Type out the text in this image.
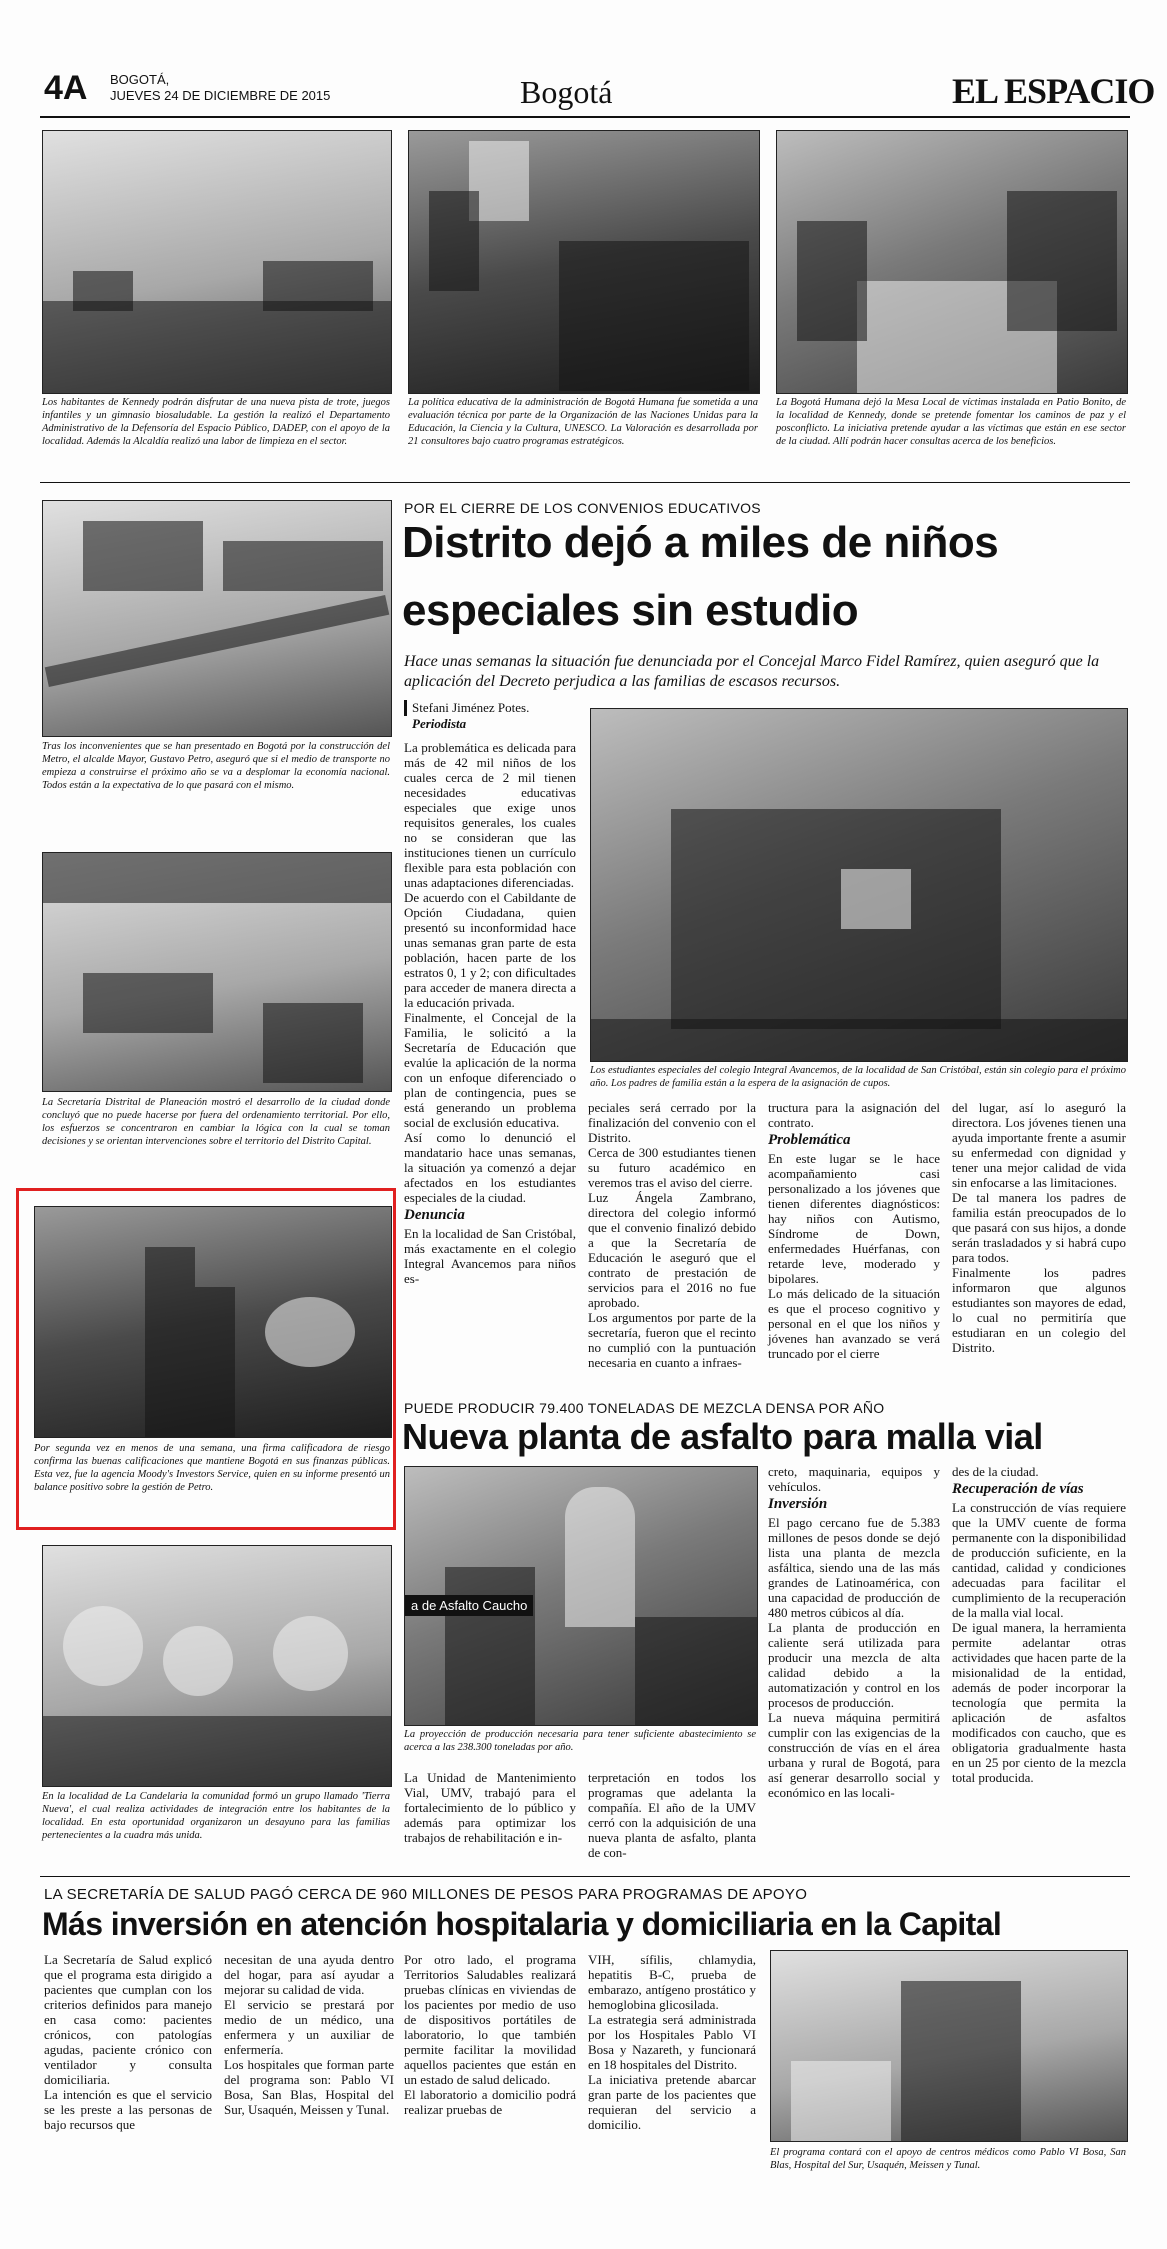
4A BOGOTÁ,
JUEVES 24 DE DICIEMBRE DE 2015	Bogotá	EL ESPACIO
Los habitantes de Kennedy podrán disfrutar de una nueva pista de trote, juegos infantiles y un gimnasio biosaludable. La gestión la realizó el Departamento Administrativo de la Defensoría del Espacio Público, DADEP, con el apoyo de la localidad. Además la Alcaldía realizó una labor de limpieza en el sector.
La política educativa de la administración de Bogotá Humana fue sometida a una evaluación técnica por parte de la Organización de las Naciones Unidas para la Educación, la Ciencia y la Cultura, UNESCO. La Valoración es desarrollada por 21 consultores bajo cuatro programas estratégicos.
La Bogotá Humana dejó la Mesa Local de víctimas instalada en Patio Bonito, de la localidad de Kennedy, donde se pretende fomentar los caminos de paz y el posconflicto. La iniciativa pretende ayudar a las víctimas que están en ese sector de la ciudad. Allí podrán hacer consultas acerca de los beneficios.
Tras los inconvenientes que se han presentado en Bogotá por la construcción del Metro, el alcalde Mayor, Gustavo Petro, aseguró que si el medio de transporte no empieza a construirse el próximo año se va a desplomar la economía nacional. Todos están a la expectativa de lo que pasará con el mismo.
La Secretaría Distrital de Planeación mostró el desarrollo de la ciudad donde concluyó que no puede hacerse por fuera del ordenamiento territorial. Por ello, los esfuerzos se concentraron en cambiar la lógica con la cual se toman decisiones y se orientan intervenciones sobre el territorio del Distrito Capital.
Por segunda vez en menos de una semana, una firma calificadora de riesgo confirma las buenas calificaciones que mantiene Bogotá en sus finanzas públicas. Esta vez, fue la agencia Moody's Investors Service, quien en su informe presentó un balance positivo sobre la gestión de Petro.
En la localidad de La Candelaria la comunidad formó un grupo llamado 'Tierra Nueva', el cual realiza actividades de integración entre los habitantes de la localidad. En esta oportunidad organizaron un desayuno para las familias pertenecientes a la cuadra más unida.
POR EL CIERRE DE LOS CONVENIOS EDUCATIVOS
Distrito dejó a miles de niños
especiales sin estudio
Hace unas semanas la situación fue denunciada por el Concejal Marco Fidel Ramírez, quien aseguró que la aplicación del Decreto perjudica a las familias de escasos recursos.
Stefani Jiménez Potes.
Periodista

La problemática es delicada para más de 42 mil niños de los cuales cerca de 2 mil tienen necesidades educativas especiales que exige unos requisitos generales, los cuales no se consideran que las instituciones tienen un currículo flexible para esta población con unas adaptaciones diferenciadas.

De acuerdo con el Cabildante de Opción Ciudadana, quien presentó su inconformidad hace unas semanas gran parte de esta población, hacen parte de los estratos 0, 1 y 2; con dificultades para acceder de manera directa a la educación privada.

Finalmente, el Concejal de la Familia, le solicitó a la Secretaría de Educación que evalúe la aplicación de la norma con un enfoque diferenciado o plan de contingencia, pues se está generando un problema social de exclusión educativa.

Así como lo denunció el mandatario hace unas semanas, la situación ya comenzó a dejar afectados en los estudiantes especiales de la ciudad.

Denuncia

En la localidad de San Cristóbal, más exactamente en el colegio Integral Avancemos para niños es-

Los estudiantes especiales del colegio Integral Avancemos, de la localidad de San Cristóbal, están sin colegio para el próximo año. Los padres de familia están a la espera de la asignación de cupos.

peciales será cerrado por la finalización del convenio con el Distrito.

Cerca de 300 estudiantes tienen su futuro académico en veremos tras el aviso del cierre.

Luz Ángela Zambrano, directora del colegio informó que el convenio finalizó debido a que la Secretaría de Educación le aseguró que el contrato de prestación de servicios para el 2016 no fue aprobado.

Los argumentos por parte de la secretaría, fueron que el recinto no cumplió con la puntuación necesaria en cuanto a infraes-

tructura para la asignación del contrato.

Problemática

En este lugar se le hace acompañamiento casi personalizado a los jóvenes que tienen diferentes diagnósticos: hay niños con Autismo, Síndrome de Down, enfermedades Huérfanas, con retarde leve, moderado y bipolares.

Lo más delicado de la situación es que el proceso cognitivo y personal en el que los niños y jóvenes han avanzado se verá truncado por el cierre

del lugar, así lo aseguró la directora. Los jóvenes tienen una ayuda importante frente a asumir su enfermedad con dignidad y tener una mejor calidad de vida sin enfocarse a las limitaciones.

De tal manera los padres de familia están preocupados de lo que pasará con sus hijos, a donde serán trasladados y si habrá cupo para todos.

Finalmente los padres informaron que algunos estudiantes son mayores de edad, lo cual no permitiría que estudiaran en un colegio del Distrito.

PUEDE PRODUCIR 79.400 TONELADAS DE MEZCLA DENSA POR AÑO
Nueva planta de asfalto para malla vial
a de Asfalto Caucho
La proyección de producción necesaria para tener suficiente abastecimiento se acerca a las 238.300 toneladas por año.

La Unidad de Mantenimiento Vial, UMV, trabajó para el fortalecimiento de lo público y además para optimizar los trabajos de rehabilitación e in-

terpretación en todos los programas que adelanta la compañía. El año de la UMV cerró con la adquisición de una nueva planta de asfalto, planta de con-

creto, maquinaria, equipos y vehículos.

Inversión

El pago cercano fue de 5.383 millones de pesos donde se dejó lista una planta de mezcla asfáltica, siendo una de las más grandes de Latinoamérica, con una capacidad de producción de 480 metros cúbicos al día.

La planta de producción en caliente será utilizada para producir una mezcla de alta calidad debido a la automatización y control en los procesos de producción.

La nueva máquina permitirá cumplir con las exigencias de la construcción de vías en el área urbana y rural de Bogotá, para así generar desarrollo social y económico en las locali-

des de la ciudad.

Recuperación de vías

La construcción de vías requiere que la UMV cuente de forma permanente con la disponibilidad de producción suficiente, en la cantidad, calidad y condiciones adecuadas para facilitar el cumplimiento de la recuperación de la malla vial local.

De igual manera, la herramienta permite adelantar otras actividades que hacen parte de la misionalidad de la entidad, además de poder incorporar la tecnología que permita la aplicación de asfaltos modificados con caucho, que es obligatoria gradualmente hasta en un 25 por ciento de la mezcla total producida.

LA SECRETARÍA DE SALUD PAGÓ CERCA DE 960 MILLONES DE PESOS PARA PROGRAMAS DE APOYO
Más inversión en atención hospitalaria y domiciliaria en la Capital

La Secretaría de Salud explicó que el programa esta dirigido a pacientes que cumplan con los criterios definidos para manejo en casa como: pacientes crónicos, con patologías agudas, paciente crónico con ventilador y consulta domiciliaria.

La intención es que el servicio se les preste a las personas de bajo recursos que

necesitan de una ayuda dentro del hogar, para así ayudar a mejorar su calidad de vida.

El servicio se prestará por medio de un médico, una enfermera y un auxiliar de enfermería.

Los hospitales que forman parte del programa son: Pablo VI Bosa, San Blas, Hospital del Sur, Usaquén, Meissen y Tunal.

Por otro lado, el programa Territorios Saludables realizará pruebas clínicas en viviendas de los pacientes por medio de uso de dispositivos portátiles de laboratorio, lo que también permite facilitar la movilidad aquellos pacientes que están en un estado de salud delicado.

El laboratorio a domicilio podrá realizar pruebas de

VIH, sífilis, chlamydia, hepatitis B-C, prueba de embarazo, antígeno prostático y hemoglobina glicosilada.

La estrategia será administrada por los Hospitales Pablo VI Bosa y Nazareth, y funcionará en 18 hospitales del Distrito.

La iniciativa pretende abarcar gran parte de los pacientes que requieran del servicio a domicilio.

El programa contará con el apoyo de centros médicos como Pablo VI Bosa, San Blas, Hospital del Sur, Usaquén, Meissen y Tunal.
